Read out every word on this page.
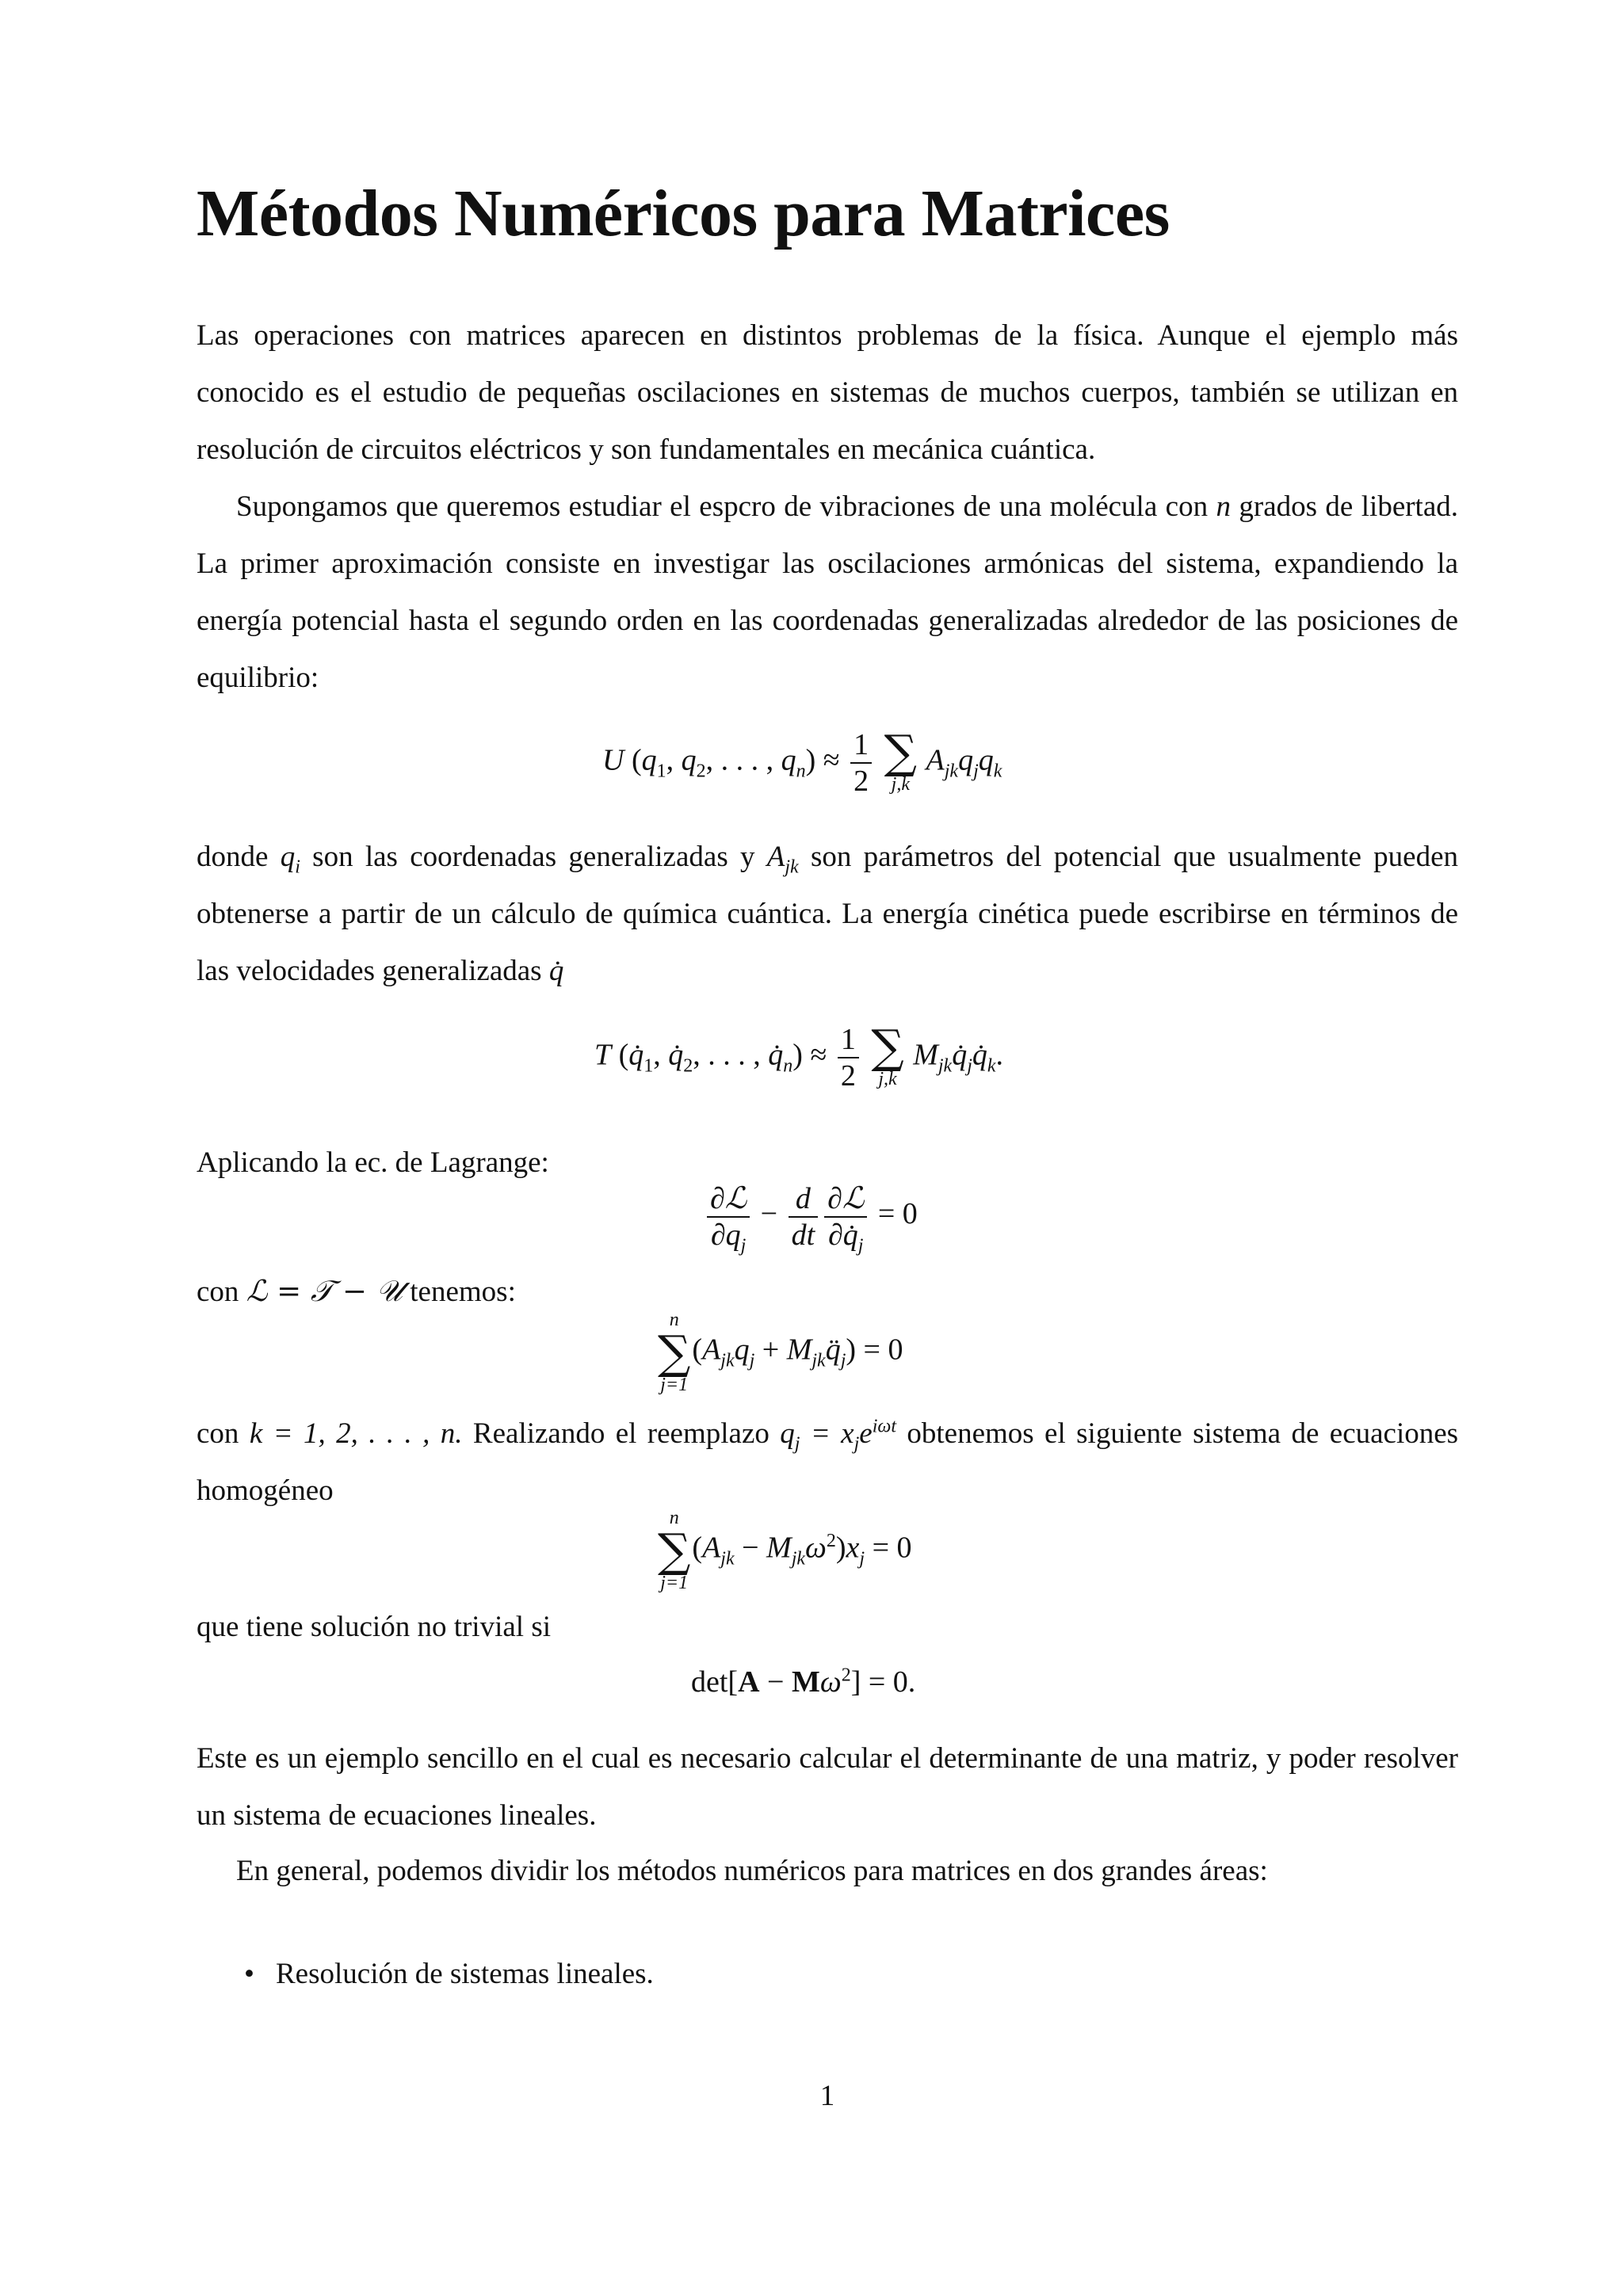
Métodos Numéricos para Matrices

Las operaciones con matrices aparecen en distintos problemas de la física. Aunque el ejemplo más conocido es el estudio de pequeñas oscilaciones en sistemas de muchos cuerpos, también se utilizan en resolución de circuitos eléctricos y son fundamentales en mecánica cuántica.

Supongamos que queremos estudiar el espcro de vibraciones de una molécula con n grados de libertad. La primer aproximación consiste en investigar las oscilaciones armónicas del sistema, expandiendo la energía potencial hasta el segundo orden en las coordenadas generalizadas alrededor de las posiciones de equilibrio:

U ($q_1$, $q_2$, . . . , $q_n) \approx \frac{1}{2}$
∑
j,k
$A_{jk}q_jq_k$

donde $q_i$ son las coordenadas generalizadas y $A_{jk}$ son parámetros del potencial que usualmente pueden obtenerse a partir de un cálculo de química cuántica. La energía cinética puede escribirse en términos de las velocidades generalizadas q̇

T ($q̇_1$, $q̇_2$, . . . , $q̇_n) \approx \frac{1}{2}$
∑
j,k
$M_{jk}q̇_jq̇_k$.

Aplicando la ec. de Lagrange:

$\frac{\text{∂ℒ}}{\partial q_j} - \frac{d}{dt} \frac{\text{∂ℒ}}{\partial q̇_j} = 0$

con ℒ = 𝒯 − 𝒰 tenemos:

n
∑
j=1
($A_{jk}q_j$ + $M_{jk}q̈_j) = 0$

con k = 1, 2, . . . , n. Realizando el reemplazo $q_j = x_je^{i\omega t}$ obtenemos el siguiente sistema de ecuaciones homogéneo

n
∑
j=1
$(A_{jk} - M_{jk}\omega^2)x_j = 0$

que tiene solución no trivial si

$\det[A - M\omega^2] = 0$.

Este es un ejemplo sencillo en el cual es necesario calcular el determinante de una matriz, y poder resolver un sistema de ecuaciones lineales.

En general, podemos dividir los métodos numéricos para matrices en dos grandes áreas:

• Resolución de sistemas lineales.
1
